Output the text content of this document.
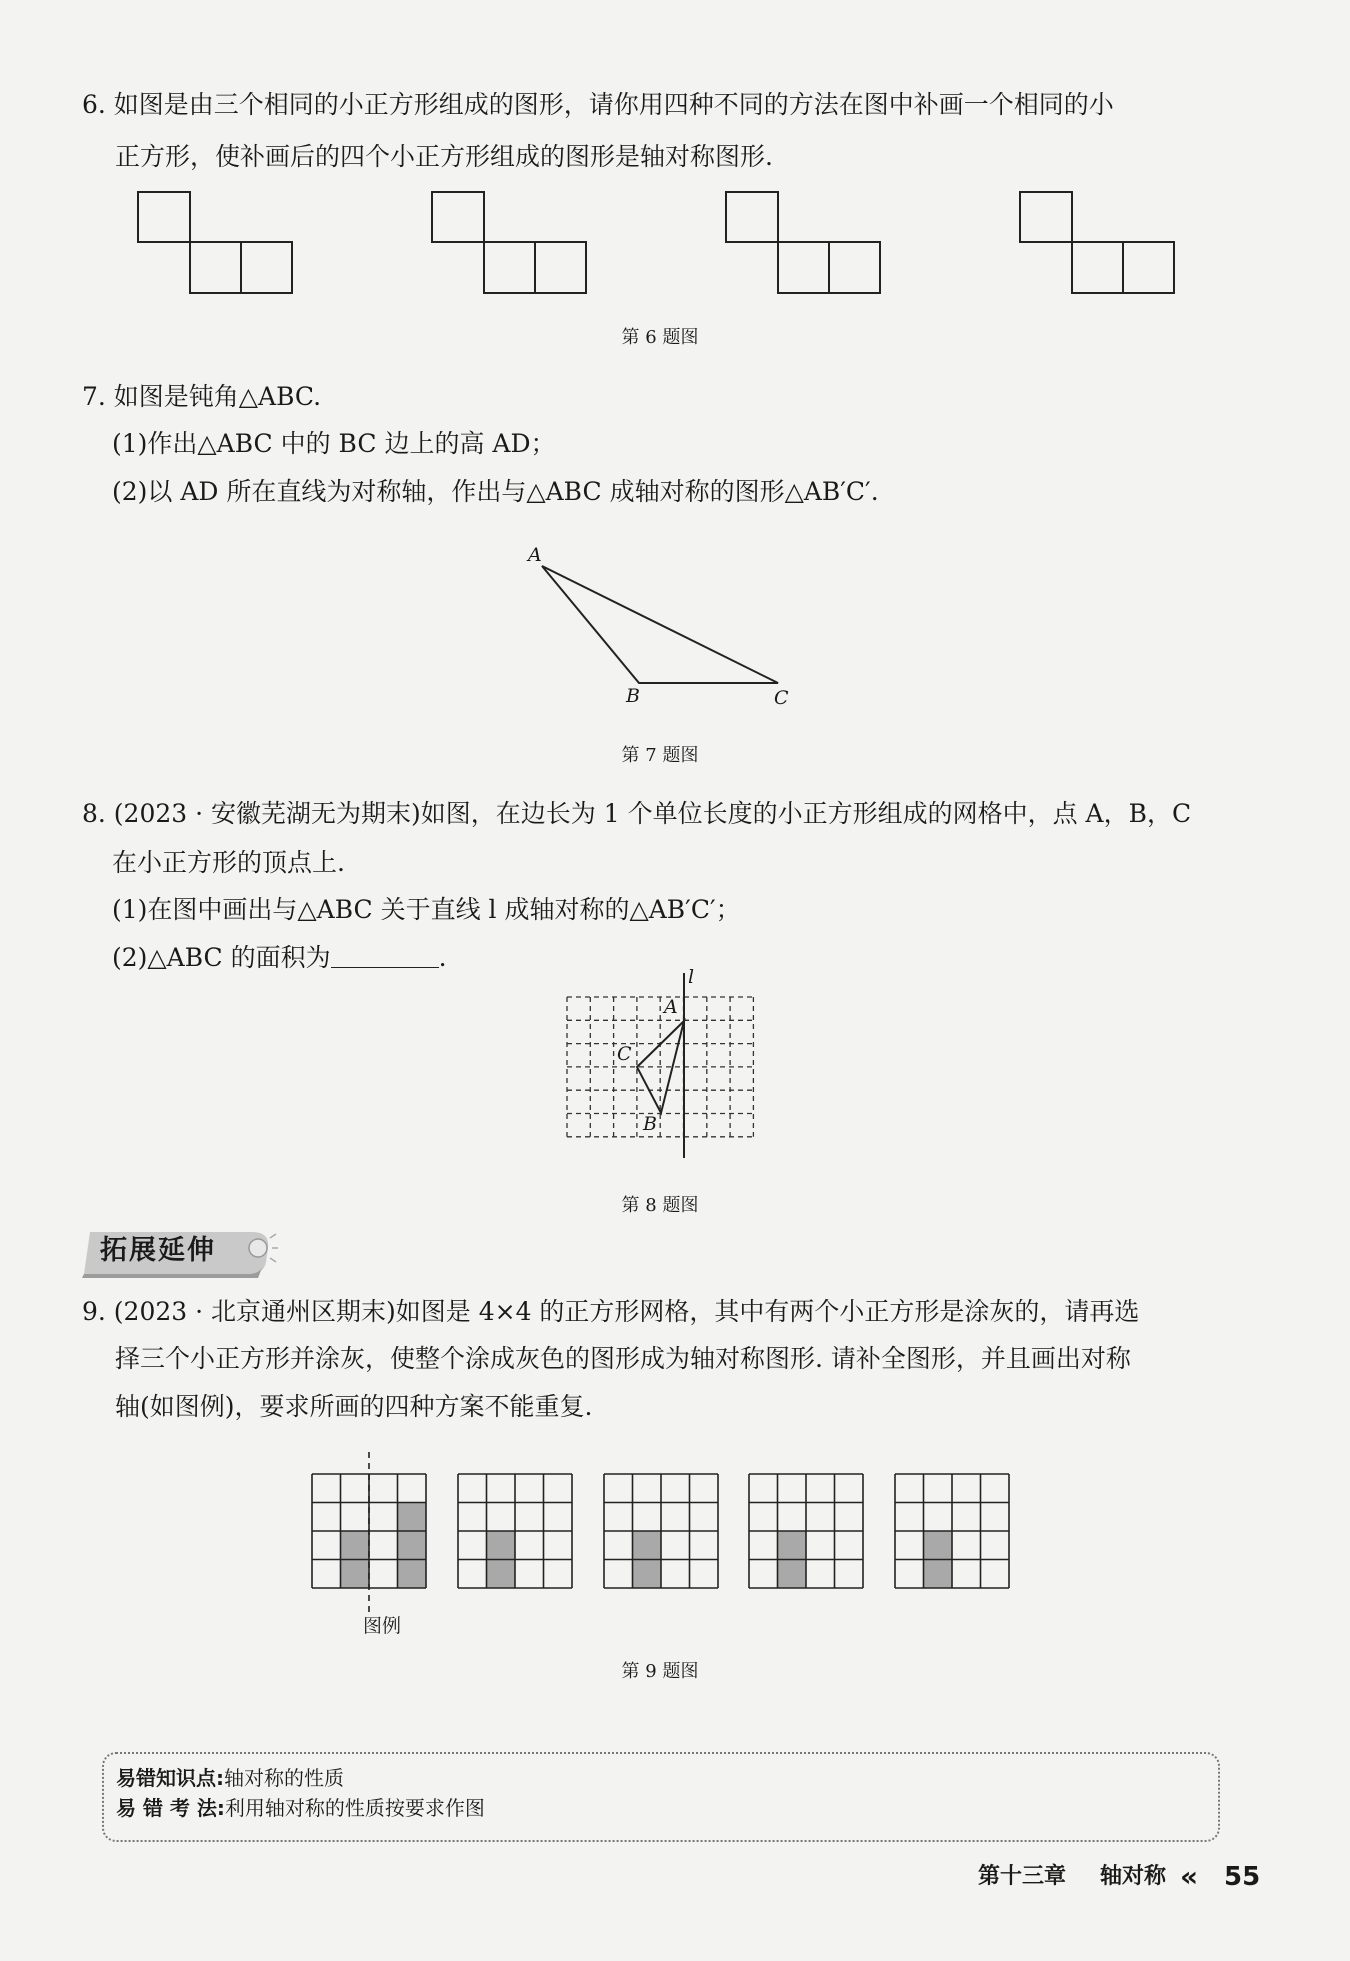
6. 如图是由三个相同的小正方形组成的图形，请你用四种不同的方法在图中补画一个相同的小
正方形，使补画后的四个小正方形组成的图形是轴对称图形.
第 6 题图
7. 如图是钝角△ABC.
(1)作出△ABC 中的 BC 边上的高 AD；
(2)以 AD 所在直线为对称轴，作出与△ABC 成轴对称的图形△AB′C′.
A
B	C
第 7 题图
8. (2023 · 安徽芜湖无为期末)如图，在边长为 1 个单位长度的小正方形组成的网格中，点 A，B，C
在小正方形的顶点上.
(1)在图中画出与△ABC 关于直线 l 成轴对称的△AB′C′；
(2)△ABC 的面积为	.
l
A
C
B
第 8 题图
拓展延伸
9. (2023 · 北京通州区期末)如图是 4×4 的正方形网格，其中有两个小正方形是涂灰的，请再选
择三个小正方形并涂灰，使整个涂成灰色的图形成为轴对称图形. 请补全图形，并且画出对称
轴(如图例)，要求所画的四种方案不能重复.
图例
第 9 题图
易错知识点:轴对称的性质
易 错 考 法:利用轴对称的性质按要求作图
第十三章 轴对称 « 55
